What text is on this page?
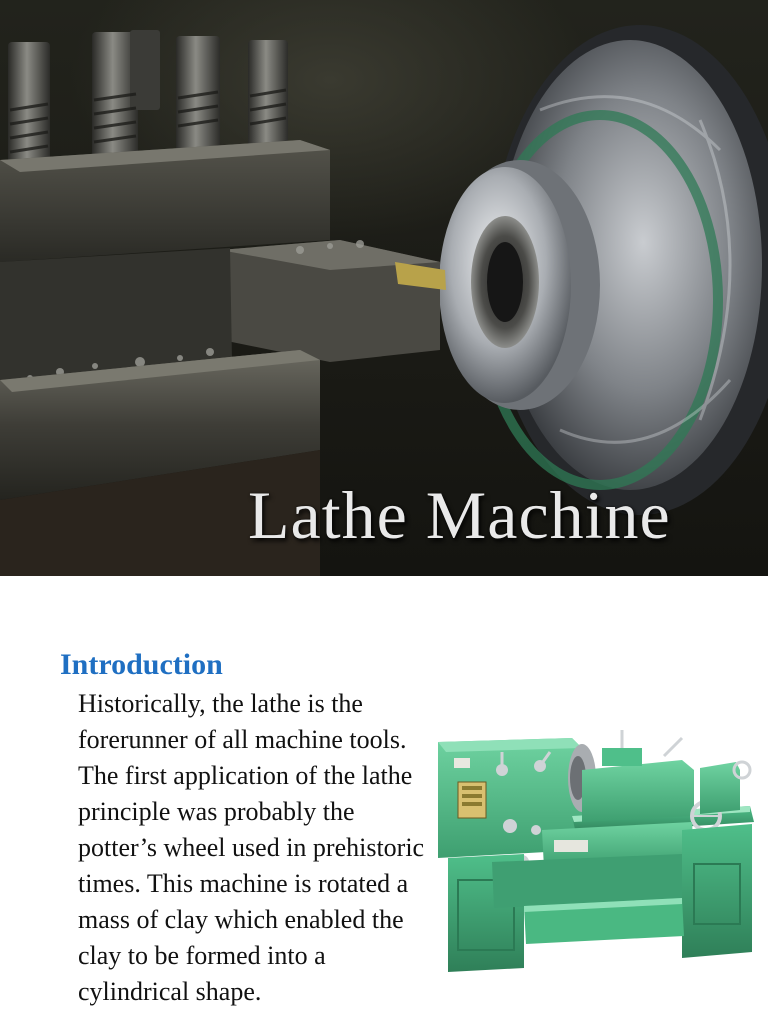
Lathe Machine
Introduction

Historically, the lathe is the forerunner of all machine tools. The first application of the lathe principle was probably the potter’s wheel used in prehistoric times. This machine is rotated a mass of clay which enabled the clay to be formed into a cylindrical shape.
